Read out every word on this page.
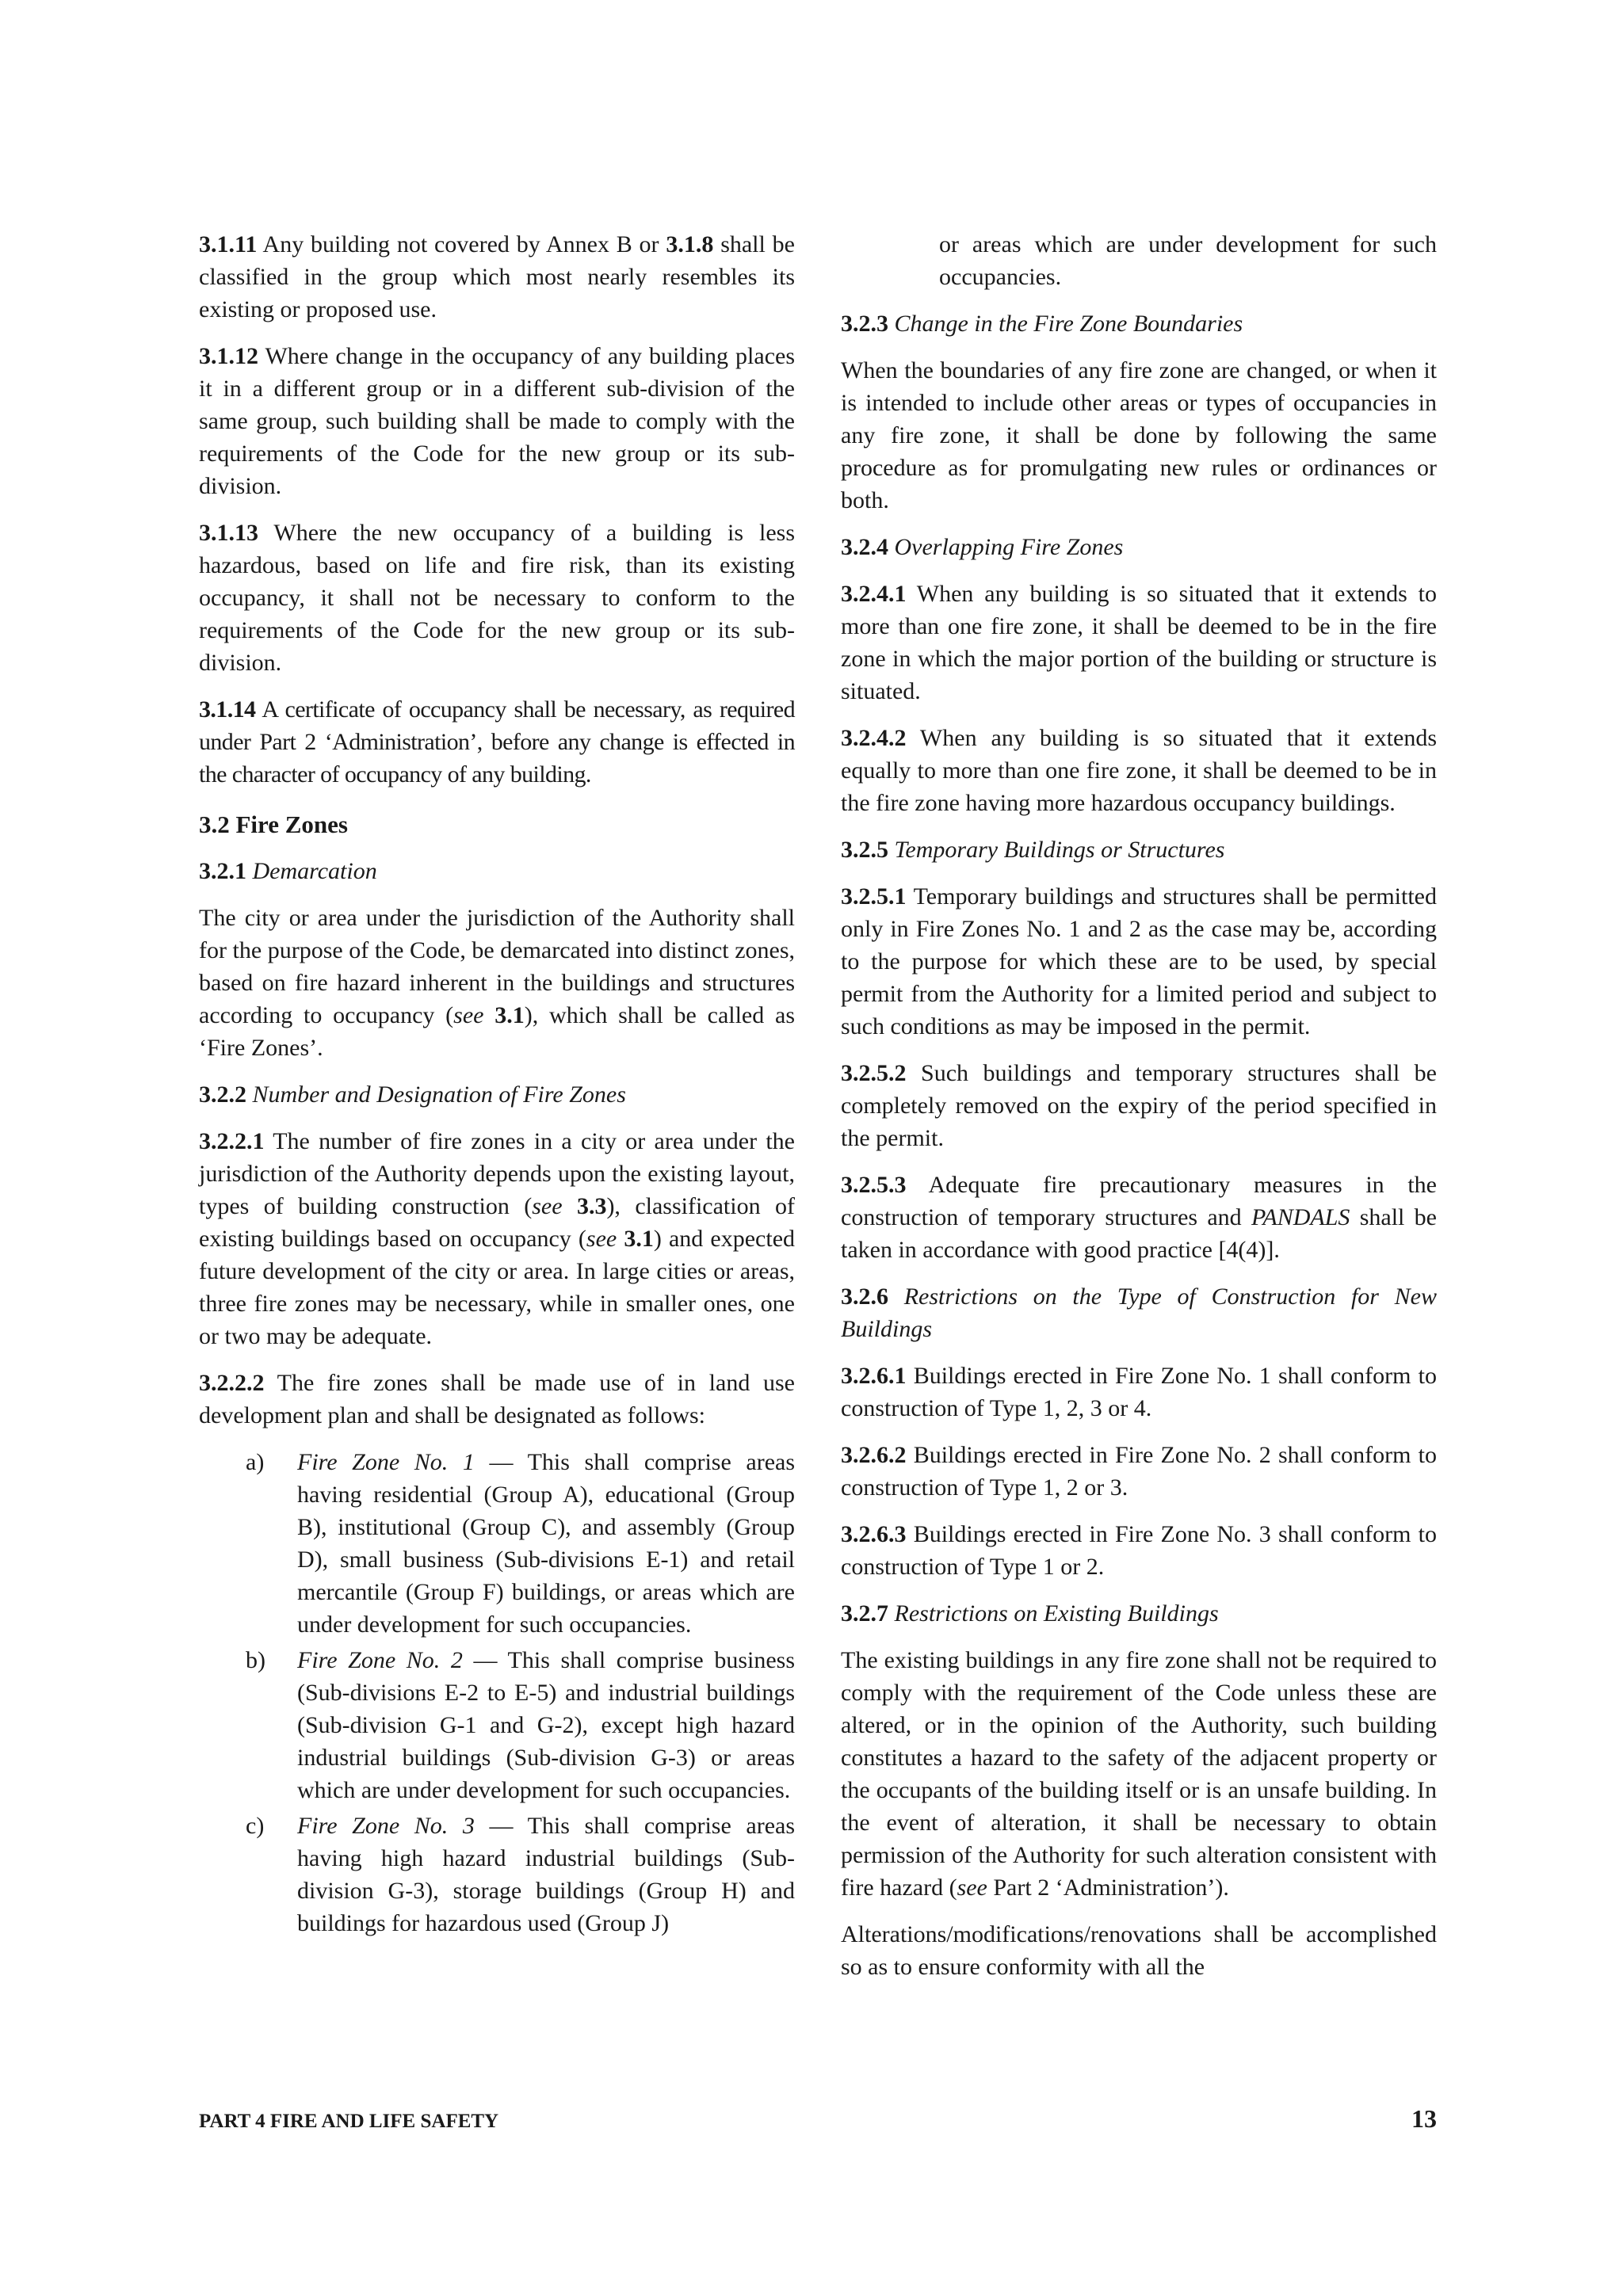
3.1.11 Any building not covered by Annex B or 3.1.8 shall be classified in the group which most nearly resembles its existing or proposed use.

3.1.12 Where change in the occupancy of any building places it in a different group or in a different sub-division of the same group, such building shall be made to comply with the requirements of the Code for the new group or its sub-division.

3.1.13 Where the new occupancy of a building is less hazardous, based on life and fire risk, than its existing occupancy, it shall not be necessary to conform to the requirements of the Code for the new group or its sub-division.

3.1.14 A certificate of occupancy shall be necessary, as required under Part 2 ‘Administration’, before any change is effected in the character of occupancy of any building.

3.2 Fire Zones

3.2.1 Demarcation

The city or area under the jurisdiction of the Authority shall for the purpose of the Code, be demarcated into distinct zones, based on fire hazard inherent in the buildings and structures according to occupancy (see 3.1), which shall be called as ‘Fire Zones’.

3.2.2 Number and Designation of Fire Zones

3.2.2.1 The number of fire zones in a city or area under the jurisdiction of the Authority depends upon the existing layout, types of building construction (see 3.3), classification of existing buildings based on occupancy (see 3.1) and expected future development of the city or area. In large cities or areas, three fire zones may be necessary, while in smaller ones, one or two may be adequate.

3.2.2.2 The fire zones shall be made use of in land use development plan and shall be designated as follows:

a) Fire Zone No. 1 — This shall comprise areas having residential (Group A), educational (Group B), institutional (Group C), and assembly (Group D), small business (Sub-divisions E-1) and retail mercantile (Group F) buildings, or areas which are under development for such occupancies.
b) Fire Zone No. 2 — This shall comprise business (Sub-divisions E-2 to E-5) and industrial buildings (Sub-division G-1 and G-2), except high hazard industrial buildings (Sub-division G-3) or areas which are under development for such occupancies.
c) Fire Zone No. 3 — This shall comprise areas having high hazard industrial buildings (Sub-division G-3), storage buildings (Group H) and buildings for hazardous used (Group J)

or areas which are under development for such occupancies.

3.2.3 Change in the Fire Zone Boundaries

When the boundaries of any fire zone are changed, or when it is intended to include other areas or types of occupancies in any fire zone, it shall be done by following the same procedure as for promulgating new rules or ordinances or both.

3.2.4 Overlapping Fire Zones

3.2.4.1 When any building is so situated that it extends to more than one fire zone, it shall be deemed to be in the fire zone in which the major portion of the building or structure is situated.

3.2.4.2 When any building is so situated that it extends equally to more than one fire zone, it shall be deemed to be in the fire zone having more hazardous occupancy buildings.

3.2.5 Temporary Buildings or Structures

3.2.5.1 Temporary buildings and structures shall be permitted only in Fire Zones No. 1 and 2 as the case may be, according to the purpose for which these are to be used, by special permit from the Authority for a limited period and subject to such conditions as may be imposed in the permit.

3.2.5.2 Such buildings and temporary structures shall be completely removed on the expiry of the period specified in the permit.

3.2.5.3 Adequate fire precautionary measures in the construction of temporary structures and PANDALS shall be taken in accordance with good practice [4(4)].

3.2.6 Restrictions on the Type of Construction for New Buildings

3.2.6.1 Buildings erected in Fire Zone No. 1 shall conform to construction of Type 1, 2, 3 or 4.

3.2.6.2 Buildings erected in Fire Zone No. 2 shall conform to construction of Type 1, 2 or 3.

3.2.6.3 Buildings erected in Fire Zone No. 3 shall conform to construction of Type 1 or 2.

3.2.7 Restrictions on Existing Buildings

The existing buildings in any fire zone shall not be required to comply with the requirement of the Code unless these are altered, or in the opinion of the Authority, such building constitutes a hazard to the safety of the adjacent property or the occupants of the building itself or is an unsafe building. In the event of alteration, it shall be necessary to obtain permission of the Authority for such alteration consistent with fire hazard (see Part 2 ‘Administration’).

Alterations/modifications/renovations shall be accomplished so as to ensure conformity with all the

PART 4 FIRE AND LIFE SAFETY	13
